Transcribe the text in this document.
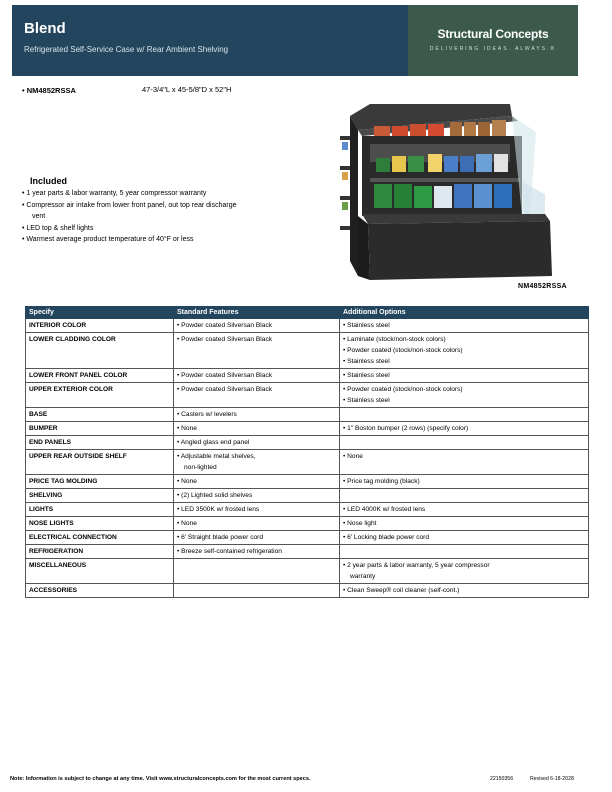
Blend
Refrigerated Self-Service Case w/ Rear Ambient Shelving
Structural Concepts
DELIVERING IDEAS. ALWAYS.®
• NM4852RSSA	47-3/4"L x 45-5/8"D x 52"H
Included
• 1 year parts & labor warranty, 5 year compressor warranty
• Compressor air intake from lower front panel, out top rear discharge
vent
• LED top & shelf lights
• Warmest average product temperature of 40°F or less
NM4852RSSA
Specify	Standard Features	Additional Options
INTERIOR COLOR	• Powder coated Silversan Black	• Stainless steel

LOWER CLADDING COLOR	• Powder coated Silversan Black	• Laminate (stock/non-stock colors)
• Powder coated (stock/non-stock colors)
• Stainless steel

LOWER FRONT PANEL COLOR	• Powder coated Silversan Black	• Stainless steel

UPPER EXTERIOR COLOR	• Powder coated Silversan Black	• Powder coated (stock/non-stock colors)
• Stainless steel

BASE	• Casters w/ levelers	

BUMPER	• None	• 1" Boston bumper (2 rows) (specify color)

END PANELS	• Angled glass end panel	

UPPER REAR OUTSIDE SHELF	• Adjustable metal shelves,
non-lighted	• None

PRICE TAG MOLDING	• None	• Price tag molding (black)

SHELVING	• (2) Lighted solid shelves	

LIGHTS	• LED 3500K w/ frosted lens	• LED 4000K w/ frosted lens

NOSE LIGHTS	• None	• Nose light

ELECTRICAL CONNECTION	• 6' Straight blade power cord	• 6' Locking blade power cord

REFRIGERATION	• Breeze self-contained refrigeration	

MISCELLANEOUS		• 2 year parts & labor warranty, 5 year compressor
warranty

ACCESSORIES		• Clean Sweep® coil cleaner (self-cont.)
Note: Information is subject to change at any time. Visit www.structuralconcepts.com for the most current specs.	22150356	Revised 6-18-2028
